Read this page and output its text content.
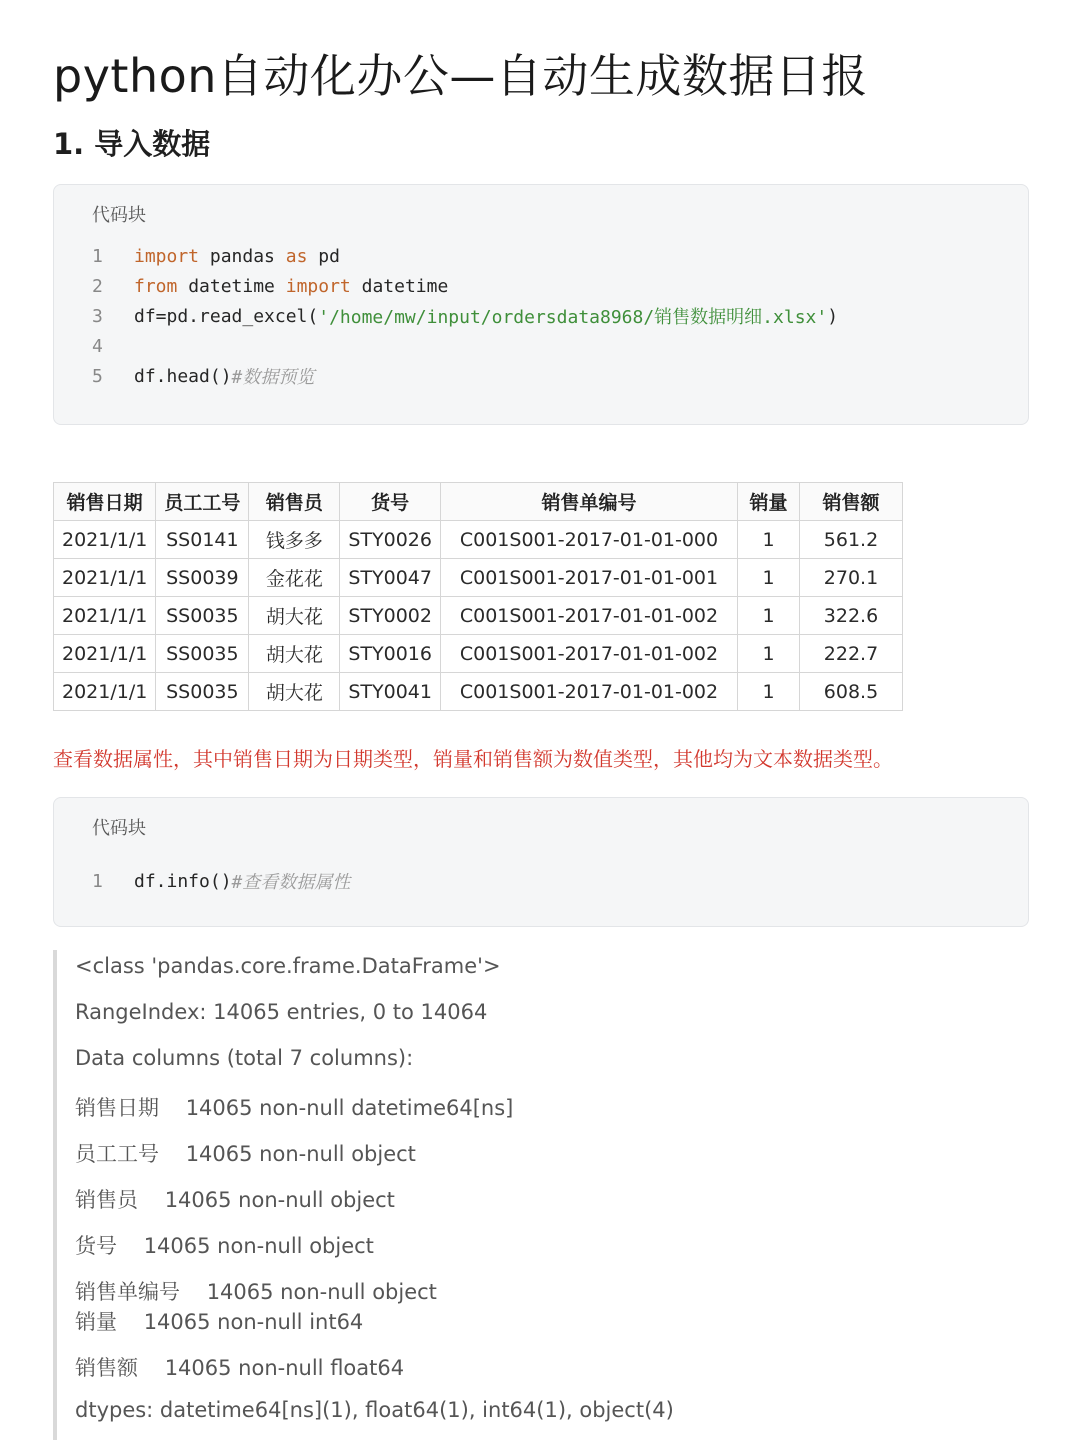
python自动化办公—自动生成数据日报
1. 导入数据
代码块
1	import pandas as pd
2	from datetime import datetime
3	df=pd.read_excel( '/home/mw/input/ordersdata8968/销售数据明细.xlsx' )
4
5	df.head() #数据预览
销售日期	员工工号	销售员	货号	销售单编号	销量	销售额
2021/1/1	SS0141	钱多多	STY0026	C001S001-2017-01-01-000	1	561.2
2021/1/1	SS0039	金花花	STY0047	C001S001-2017-01-01-001	1	270.1
2021/1/1	SS0035	胡大花	STY0002	C001S001-2017-01-01-002	1	322.6
2021/1/1	SS0035	胡大花	STY0016	C001S001-2017-01-01-002	1	222.7
2021/1/1	SS0035	胡大花	STY0041	C001S001-2017-01-01-002	1	608.5
查看数据属性，其中销售日期为日期类型，销量和销售额为数值类型，其他均为文本数据类型。
代码块
1	df.info() #查看数据属性
<class 'pandas.core.frame.DataFrame'>
RangeIndex: 14065 entries, 0 to 14064
Data columns (total 7 columns):
销售日期    14065 non-null datetime64[ns]
员工工号    14065 non-null object
销售员    14065 non-null object
货号    14065 non-null object
销售单编号    14065 non-null object
销量    14065 non-null int64
销售额    14065 non-null float64
dtypes: datetime64[ns](1), float64(1), int64(1), object(4)
